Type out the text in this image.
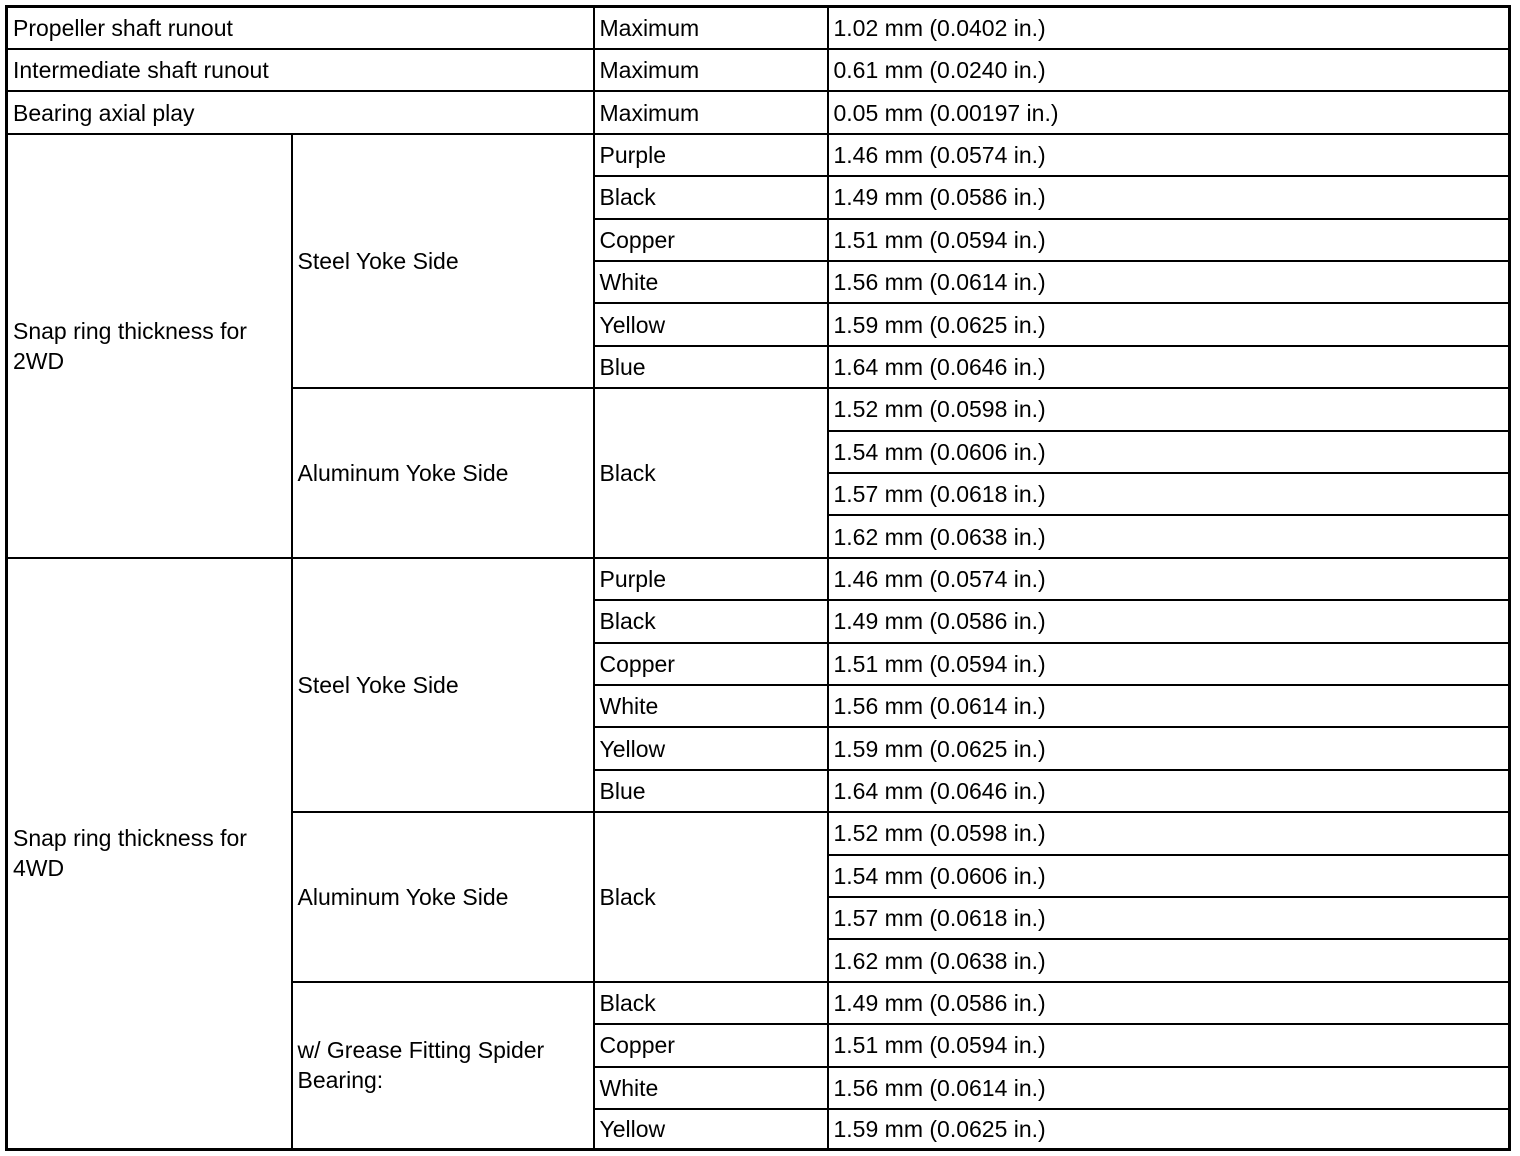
Propeller shaft runout		Maximum	1.02 mm (0.0402 in.)
Intermediate shaft runout		Maximum	0.61 mm (0.0240 in.)
Bearing axial play		Maximum	0.05 mm (0.00197 in.)
Snap ring thickness for 2WD	Steel Yoke Side	Purple	1.46 mm (0.0574 in.)
		Black	1.49 mm (0.0586 in.)
		Copper	1.51 mm (0.0594 in.)
		White	1.56 mm (0.0614 in.)
		Yellow	1.59 mm (0.0625 in.)
		Blue	1.64 mm (0.0646 in.)
	Aluminum Yoke Side	Black	1.52 mm (0.0598 in.)
			1.54 mm (0.0606 in.)
			1.57 mm (0.0618 in.)
			1.62 mm (0.0638 in.)
Snap ring thickness for 4WD	Steel Yoke Side	Purple	1.46 mm (0.0574 in.)
		Black	1.49 mm (0.0586 in.)
		Copper	1.51 mm (0.0594 in.)
		White	1.56 mm (0.0614 in.)
		Yellow	1.59 mm (0.0625 in.)
		Blue	1.64 mm (0.0646 in.)
	Aluminum Yoke Side	Black	1.52 mm (0.0598 in.)
			1.54 mm (0.0606 in.)
			1.57 mm (0.0618 in.)
			1.62 mm (0.0638 in.)
	w/ Grease Fitting Spider Bearing:	Black	1.49 mm (0.0586 in.)
		Copper	1.51 mm (0.0594 in.)
		White	1.56 mm (0.0614 in.)
		Yellow	1.59 mm (0.0625 in.)
